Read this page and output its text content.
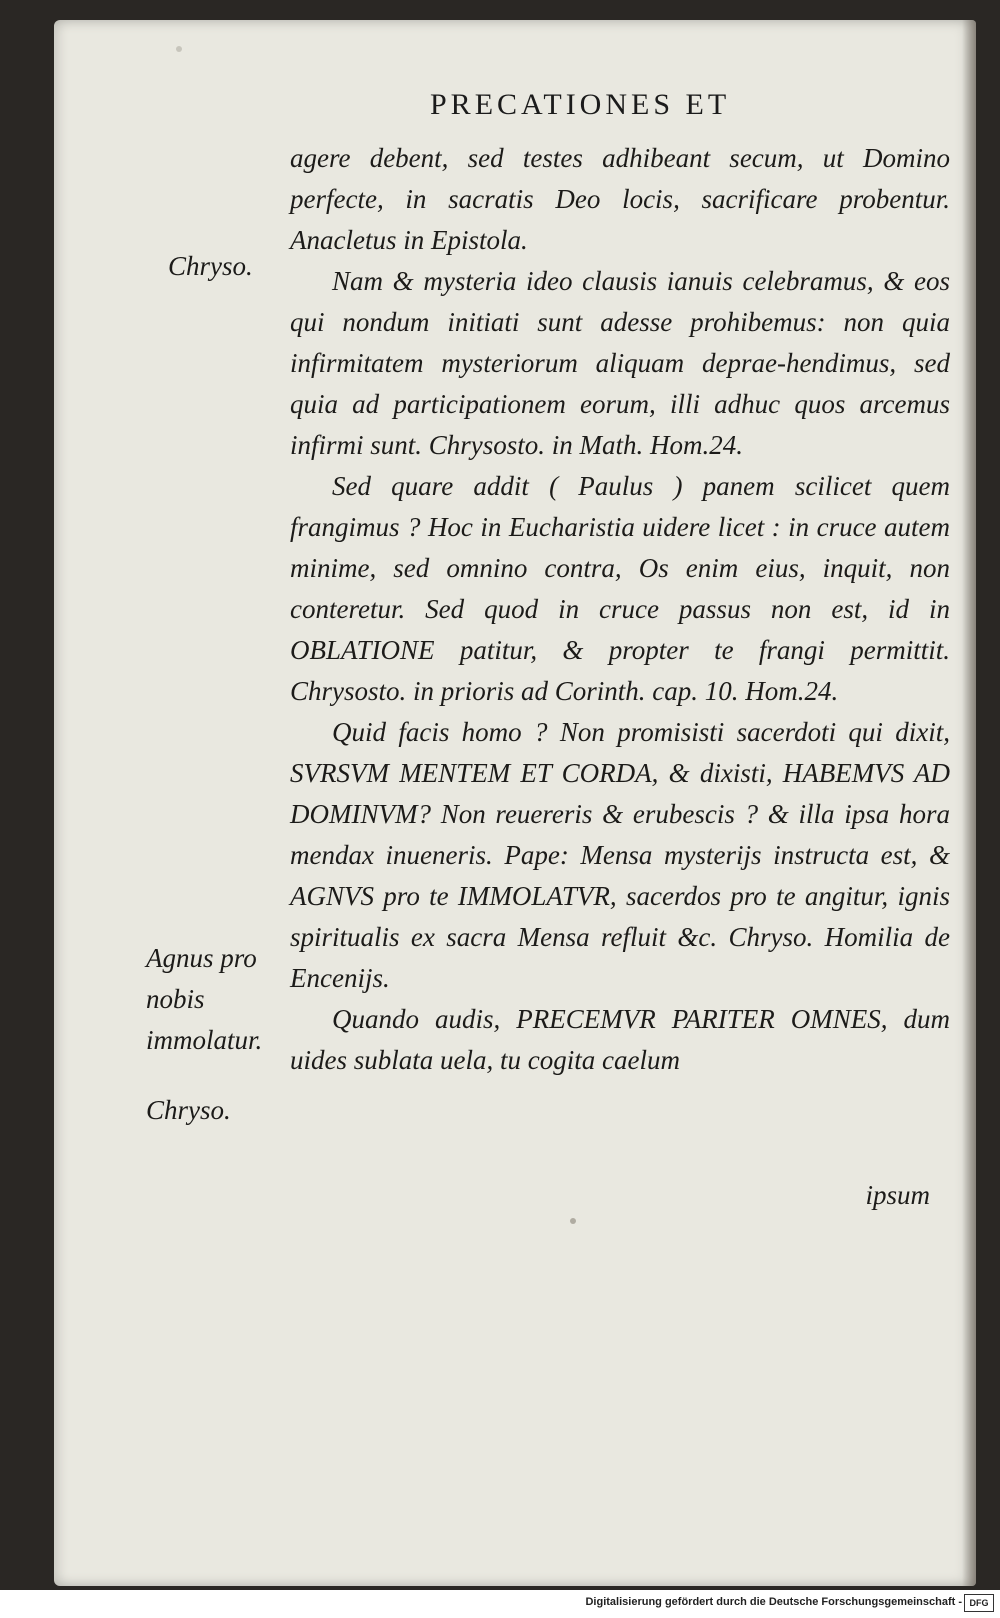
PRECATIONES ET
Chryso.
Agnus pro nobis immolatur.
Chryso.

agere debent, sed testes adhibeant secum, ut Domino perfecte, in sacratis Deo locis, sacrificare probentur. Anacletus in Epistola.

Nam & mysteria ideo clausis ianuis celebramus, & eos qui nondum initiati sunt adesse prohibemus: non quia infirmitatem mysteriorum aliquam deprae-hendimus, sed quia ad participationem eorum, illi adhuc quos arcemus infirmi sunt. Chrysosto. in Math. Hom.24.

Sed quare addit ( Paulus ) panem scilicet quem frangimus ? Hoc in Eucharistia uidere licet : in cruce autem minime, sed omnino contra, Os enim eius, inquit, non conteretur. Sed quod in cruce passus non est, id in OBLATIONE patitur, & propter te frangi permittit. Chrysosto. in prioris ad Corinth. cap. 10. Hom.24.

Quid facis homo ? Non promisisti sacerdoti qui dixit, SVRSVM MENTEM ET CORDA, & dixisti, HABEMVS AD DOMINVM? Non reuereris & erubescis ? & illa ipsa hora mendax inueneris. Pape: Mensa mysterijs instructa est, & AGNVS pro te IMMOLATVR, sacerdos pro te angitur, ignis spiritualis ex sacra Mensa refluit &c. Chryso. Homilia de Encenijs.

Quando audis, PRECEMVR PARITER OMNES, dum uides sublata uela, tu cogita caelum

ipsum
Digitalisierung gefördert durch die Deutsche Forschungsgemeinschaft - DFG
